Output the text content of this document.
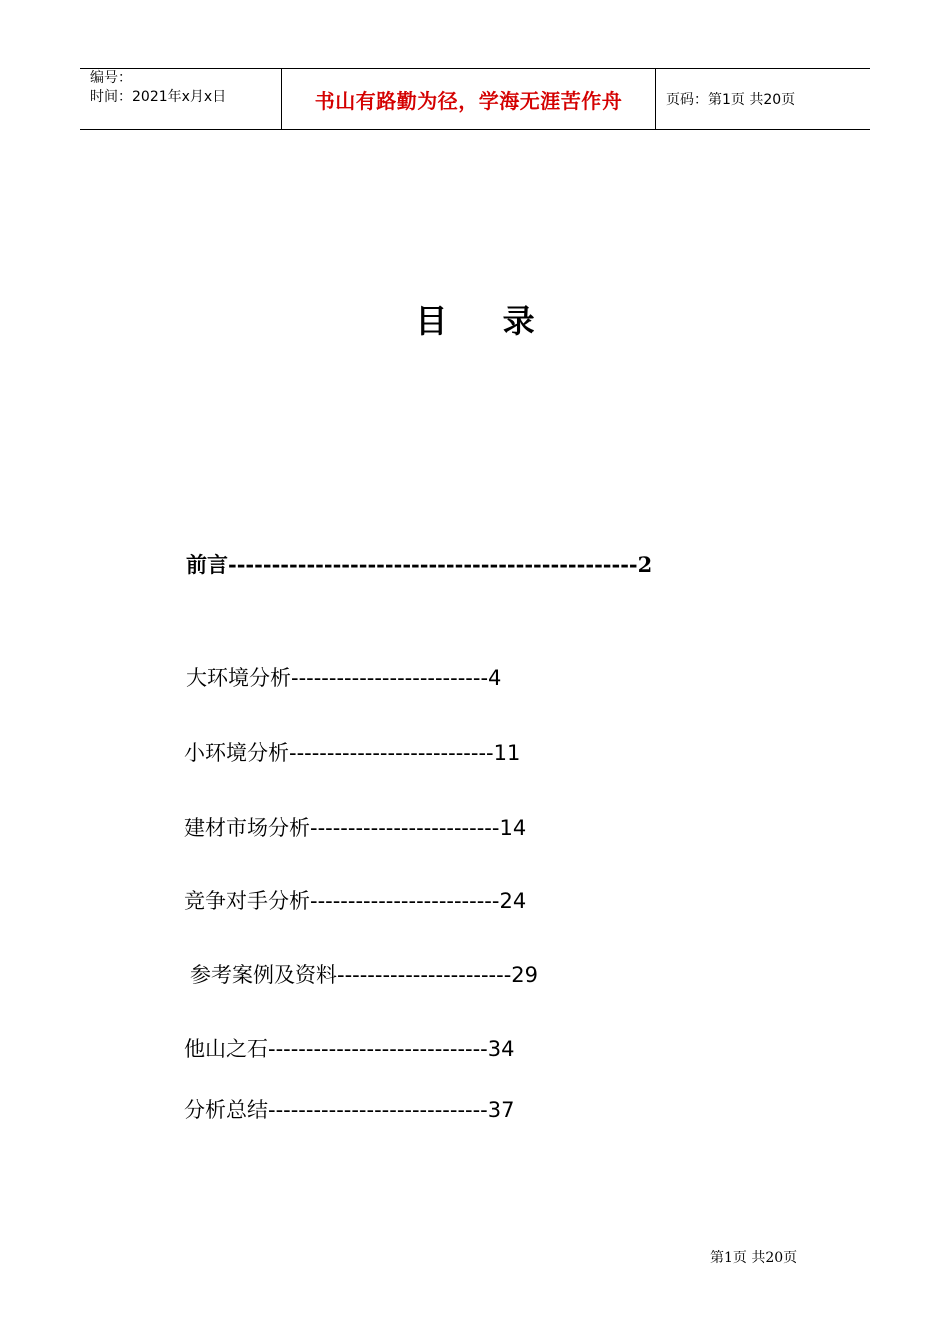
编号：
时间：2021年x月x日	书山有路勤为径，学海无涯苦作舟	页码：第1页 共20页
目 录
前言-----------------------------------------------2
大环境分析--------------------------4
小环境分析---------------------------11
建材市场分析-------------------------14
竞争对手分析-------------------------24
参考案例及资料-----------------------29
他山之石-----------------------------34
分析总结-----------------------------37
第1页 共20页
